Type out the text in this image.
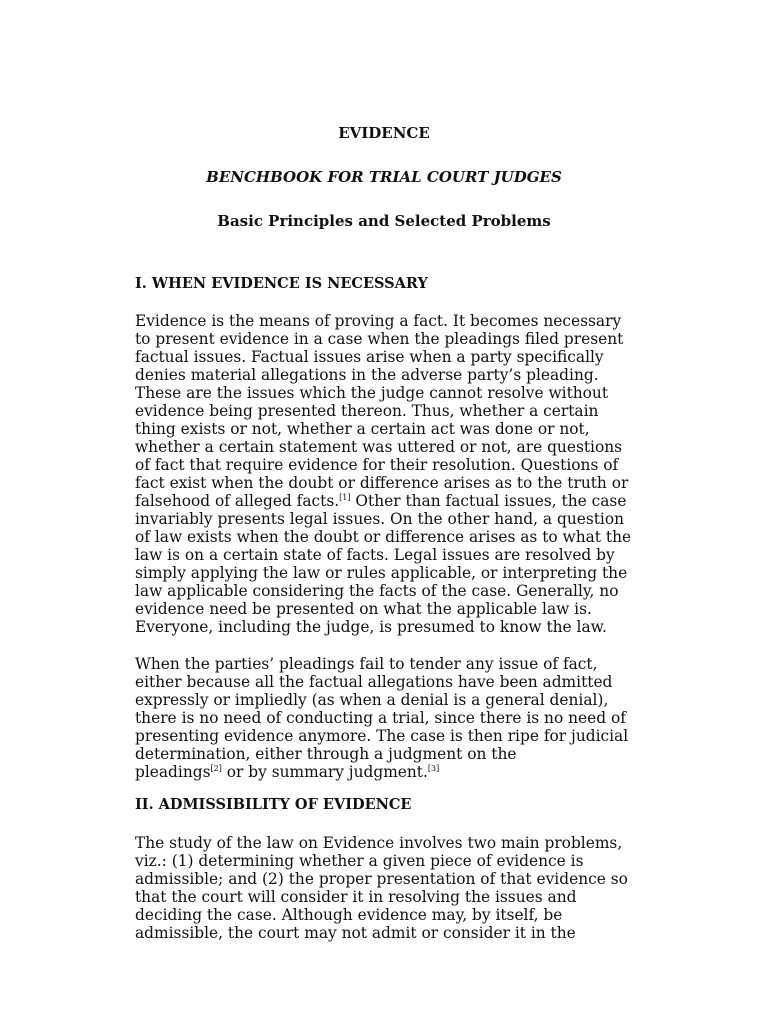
EVIDENCE
BENCHBOOK FOR TRIAL COURT JUDGES
Basic Principles and Selected Problems
I. WHEN EVIDENCE IS NECESSARY
Evidence is the means of proving a fact. It becomes necessary
to present evidence in a case when the pleadings filed present
factual issues. Factual issues arise when a party specifically
denies material allegations in the adverse party’s pleading.
These are the issues which the judge cannot resolve without
evidence being presented thereon. Thus, whether a certain
thing exists or not, whether a certain act was done or not,
whether a certain statement was uttered or not, are questions
of fact that require evidence for their resolution. Questions of
fact exist when the doubt or difference arises as to the truth or
falsehood of alleged facts.[1] Other than factual issues, the case
invariably presents legal issues. On the other hand, a question
of law exists when the doubt or difference arises as to what the
law is on a certain state of facts. Legal issues are resolved by
simply applying the law or rules applicable, or interpreting the
law applicable considering the facts of the case. Generally, no
evidence need be presented on what the applicable law is.
Everyone, including the judge, is presumed to know the law.
When the parties’ pleadings fail to tender any issue of fact,
either because all the factual allegations have been admitted
expressly or impliedly (as when a denial is a general denial),
there is no need of conducting a trial, since there is no need of
presenting evidence anymore. The case is then ripe for judicial
determination, either through a judgment on the
pleadings[2] or by summary judgment.[3]
II. ADMISSIBILITY OF EVIDENCE
The study of the law on Evidence involves two main problems,
viz.: (1) determining whether a given piece of evidence is
admissible; and (2) the proper presentation of that evidence so
that the court will consider it in resolving the issues and
deciding the case. Although evidence may, by itself, be
admissible, the court may not admit or consider it in the
